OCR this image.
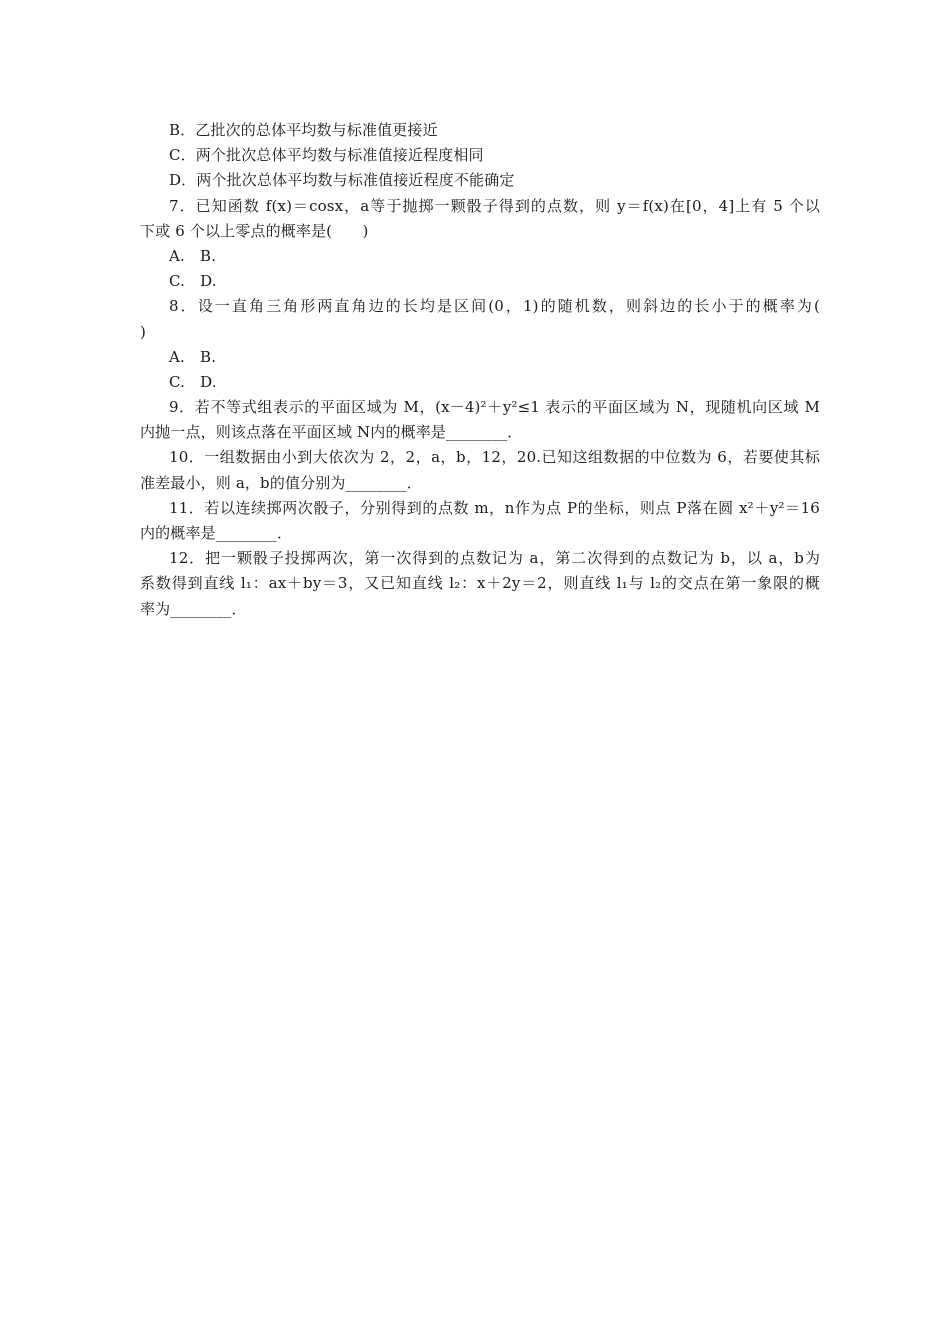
B．乙批次的总体平均数与标准值更接近
C．两个批次总体平均数与标准值接近程度相同
D．两个批次总体平均数与标准值接近程度不能确定
7．已知函数 f(x)＝cosx，a等于抛掷一颗骰子得到的点数，则 y＝f(x)在[0，4]上有 5 个以
下或 6 个以上零点的概率是(　　)
A.　B.
C.　D.
8．设一直角三角形两直角边的长均是区间(0，1)的随机数，则斜边的长小于的概率为(
)
A.　B.
C.　D.
9．若不等式组表示的平面区域为 M，(x－4)²＋y²≤1 表示的平面区域为 N，现随机向区域 M
内抛一点，则该点落在平面区域 N内的概率是________．
10．一组数据由小到大依次为 2，2，a，b，12，20.已知这组数据的中位数为 6，若要使其标
准差最小，则 a，b的值分别为________．
11．若以连续掷两次骰子，分别得到的点数 m，n作为点 P的坐标，则点 P落在圆 x²＋y²＝16
内的概率是________．
12．把一颗骰子投掷两次，第一次得到的点数记为 a，第二次得到的点数记为 b，以 a，b为
系数得到直线 l₁：ax＋by＝3，又已知直线 l₂：x＋2y＝2，则直线 l₁与 l₂的交点在第一象限的概
率为________．
